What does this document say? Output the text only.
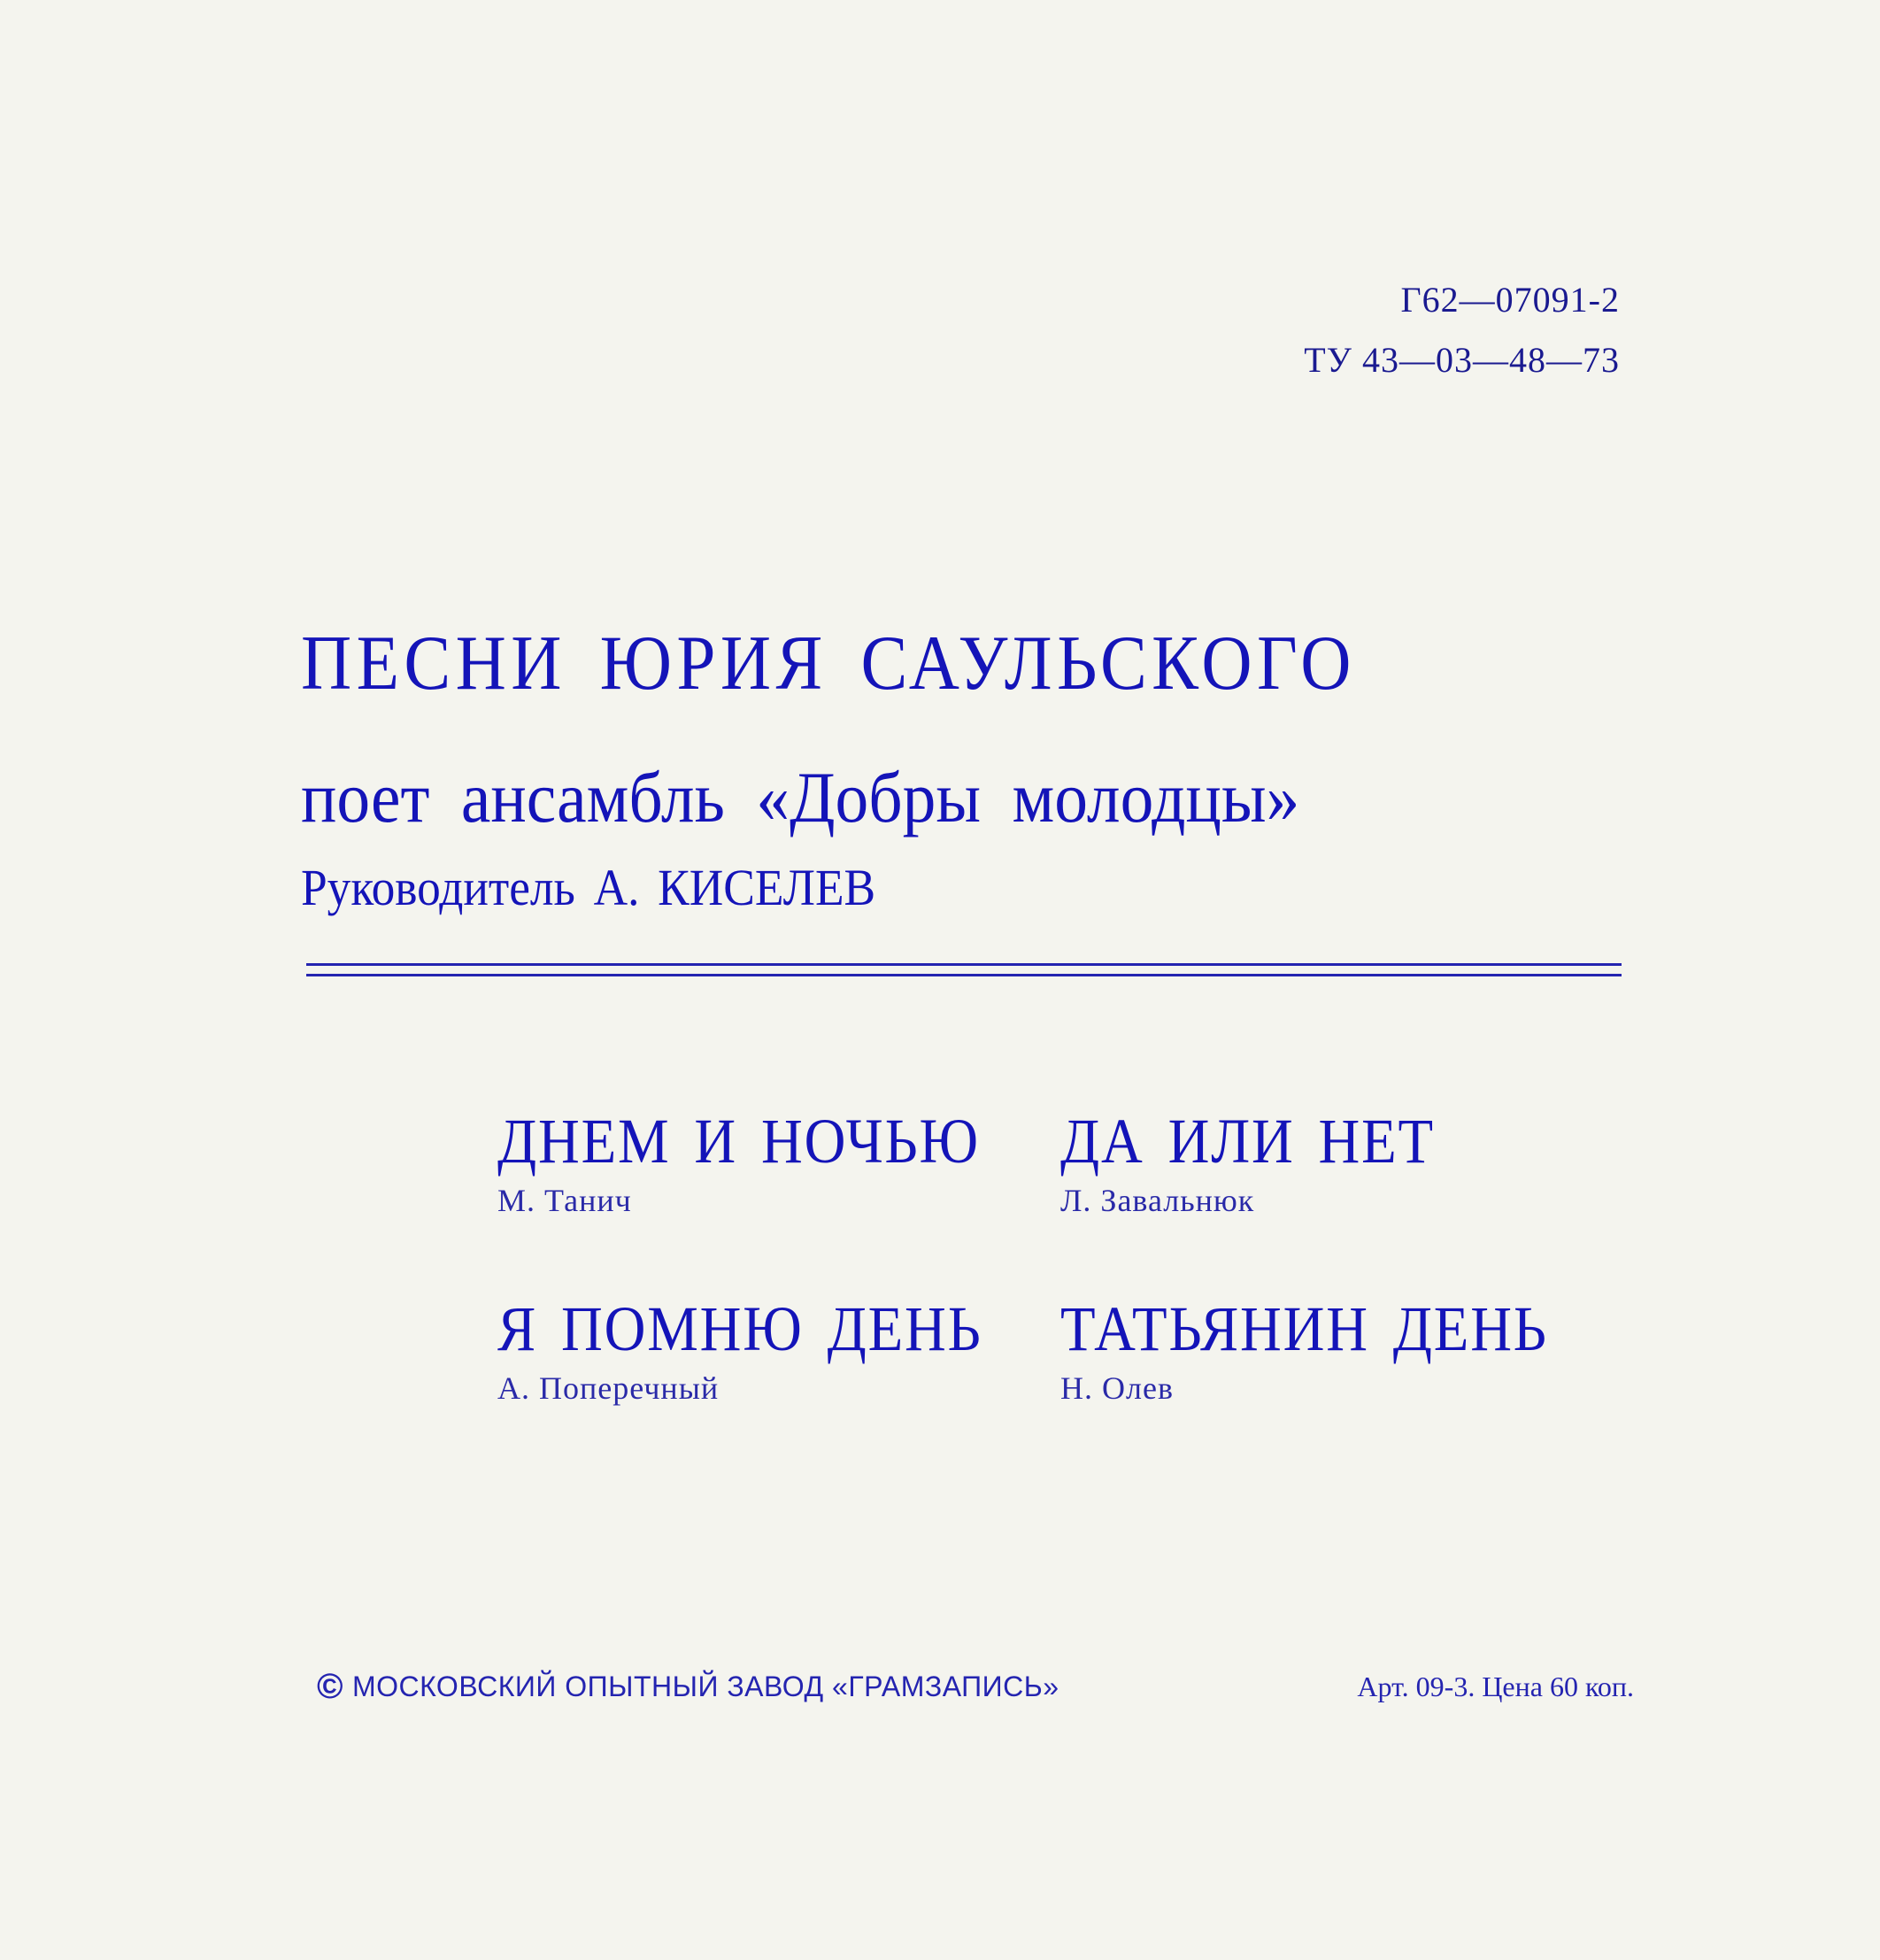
Г62—07091-2
ТУ 43—03—48—73
ПЕСНИ ЮРИЯ САУЛЬСКОГО
поет ансамбль «Добры молодцы»
Руководитель А. КИСЕЛЕВ
ДНЕМ И НОЧЬЮ
М. Танич
ДА ИЛИ НЕТ
Л. Завальнюк
Я ПОМНЮ ДЕНЬ
А. Поперечный
ТАТЬЯНИН ДЕНЬ
Н. Олев
© МОСКОВСКИЙ ОПЫТНЫЙ ЗАВОД «ГРАМЗАПИСЬ»	Арт. 09-3. Цена 60 коп.
